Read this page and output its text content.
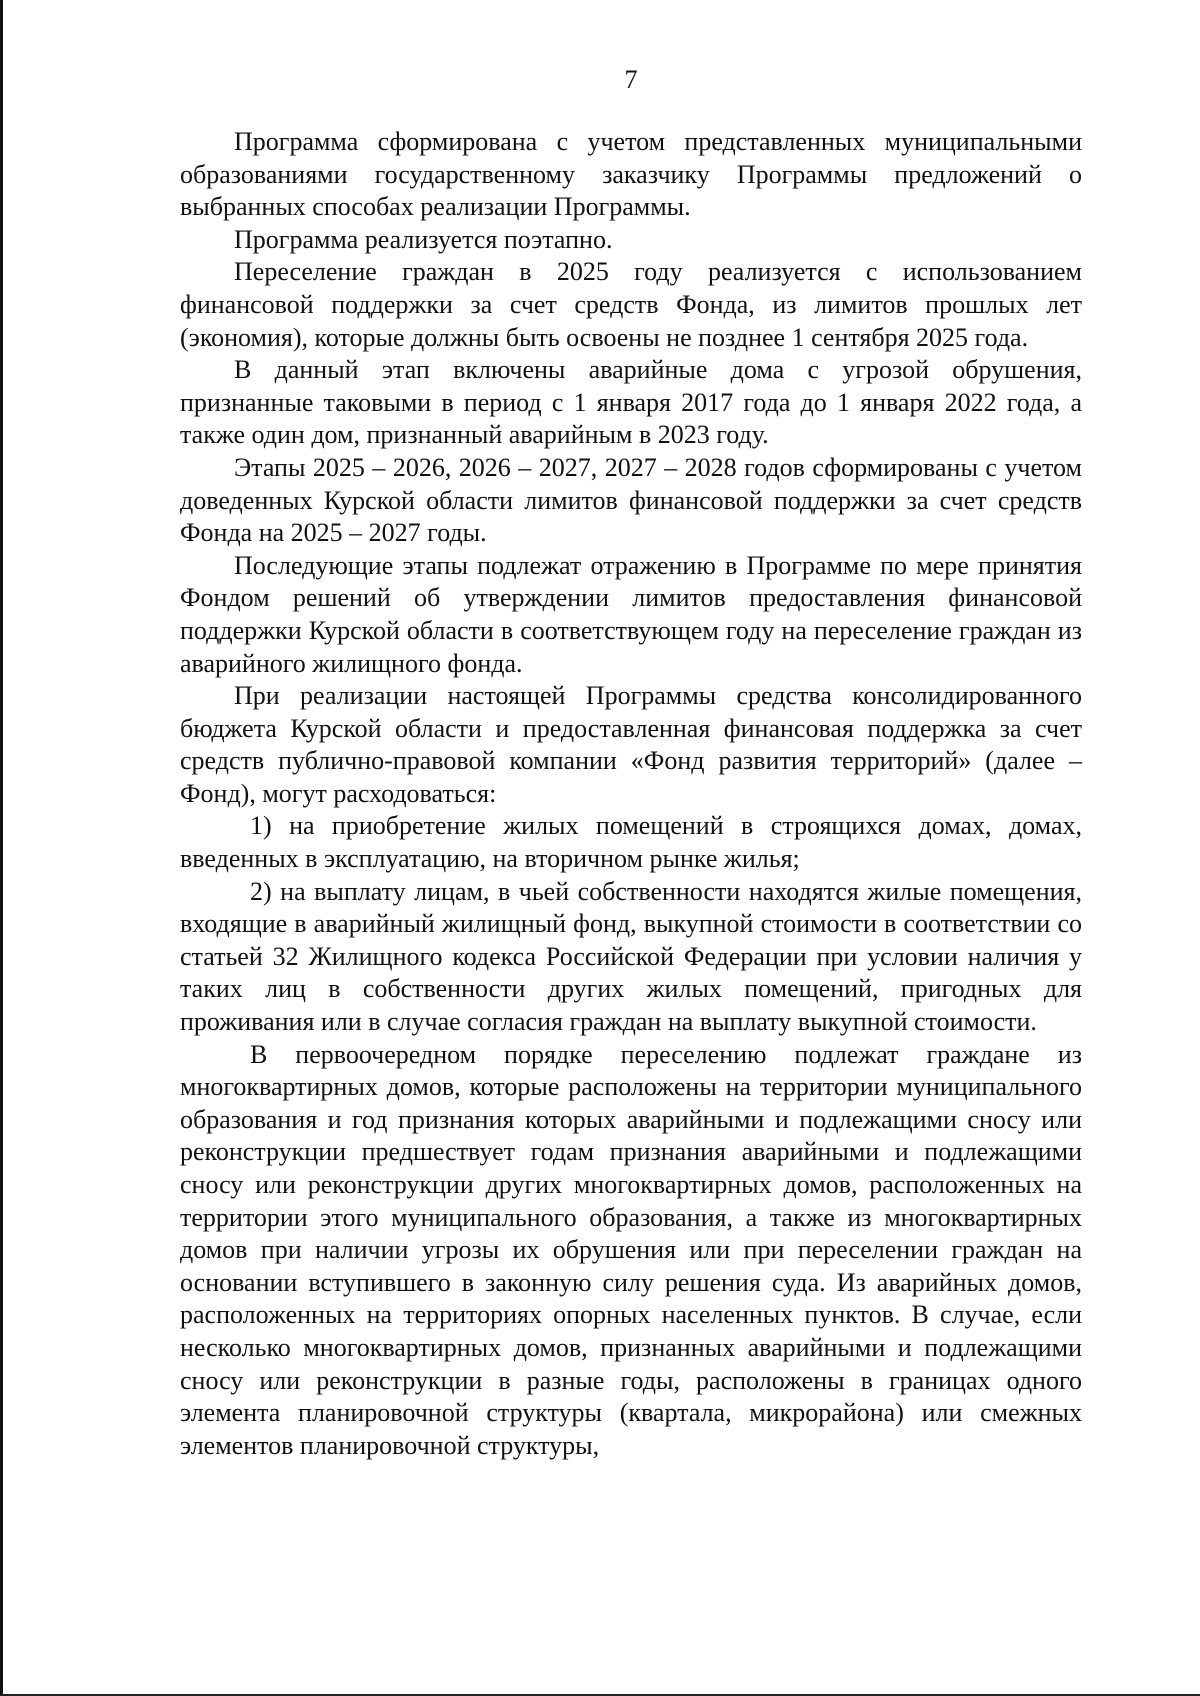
7

Программа сформирована с учетом представленных муниципальными образованиями государственному заказчику Программы предложений о выбранных способах реализации Программы.

Программа реализуется поэтапно.

Переселение граждан в 2025 году реализуется с использованием финансовой поддержки за счет средств Фонда, из лимитов прошлых лет (экономия), которые должны быть освоены не позднее 1 сентября 2025 года.

В данный этап включены аварийные дома с угрозой обрушения, признанные таковыми в период с 1 января 2017 года до 1 января 2022 года, а также один дом, признанный аварийным в 2023 году.

Этапы 2025 – 2026, 2026 – 2027, 2027 – 2028 годов сформированы с учетом доведенных Курской области лимитов финансовой поддержки за счет средств Фонда на 2025 – 2027 годы.

Последующие этапы подлежат отражению в Программе по мере принятия Фондом решений об утверждении лимитов предоставления финансовой поддержки Курской области в соответствующем году на переселение граждан из аварийного жилищного фонда.

При реализации настоящей Программы средства консолидированного бюджета Курской области и предоставленная финансовая поддержка за счет средств публично-правовой компании «Фонд развития территорий» (далее – Фонд), могут расходоваться:

1) на приобретение жилых помещений в строящихся домах, домах, введенных в эксплуатацию, на вторичном рынке жилья;

2) на выплату лицам, в чьей собственности находятся жилые помещения, входящие в аварийный жилищный фонд, выкупной стоимости в соответствии со статьей 32 Жилищного кодекса Российской Федерации при условии наличия у таких лиц в собственности других жилых помещений, пригодных для проживания или в случае согласия граждан на выплату выкупной стоимости.

В первоочередном порядке переселению подлежат граждане из многоквартирных домов, которые расположены на территории муниципального образования и год признания которых аварийными и подлежащими сносу или реконструкции предшествует годам признания аварийными и подлежащими сносу или реконструкции других многоквартирных домов, расположенных на территории этого муниципального образования, а также из многоквартирных домов при наличии угрозы их обрушения или при переселении граждан на основании вступившего в законную силу решения суда. Из аварийных домов, расположенных на территориях опорных населенных пунктов. В случае, если несколько многоквартирных домов, признанных аварийными и подлежащими сносу или реконструкции в разные годы, расположены в границах одного элемента планировочной структуры (квартала, микрорайона) или смежных элементов планировочной структуры,
